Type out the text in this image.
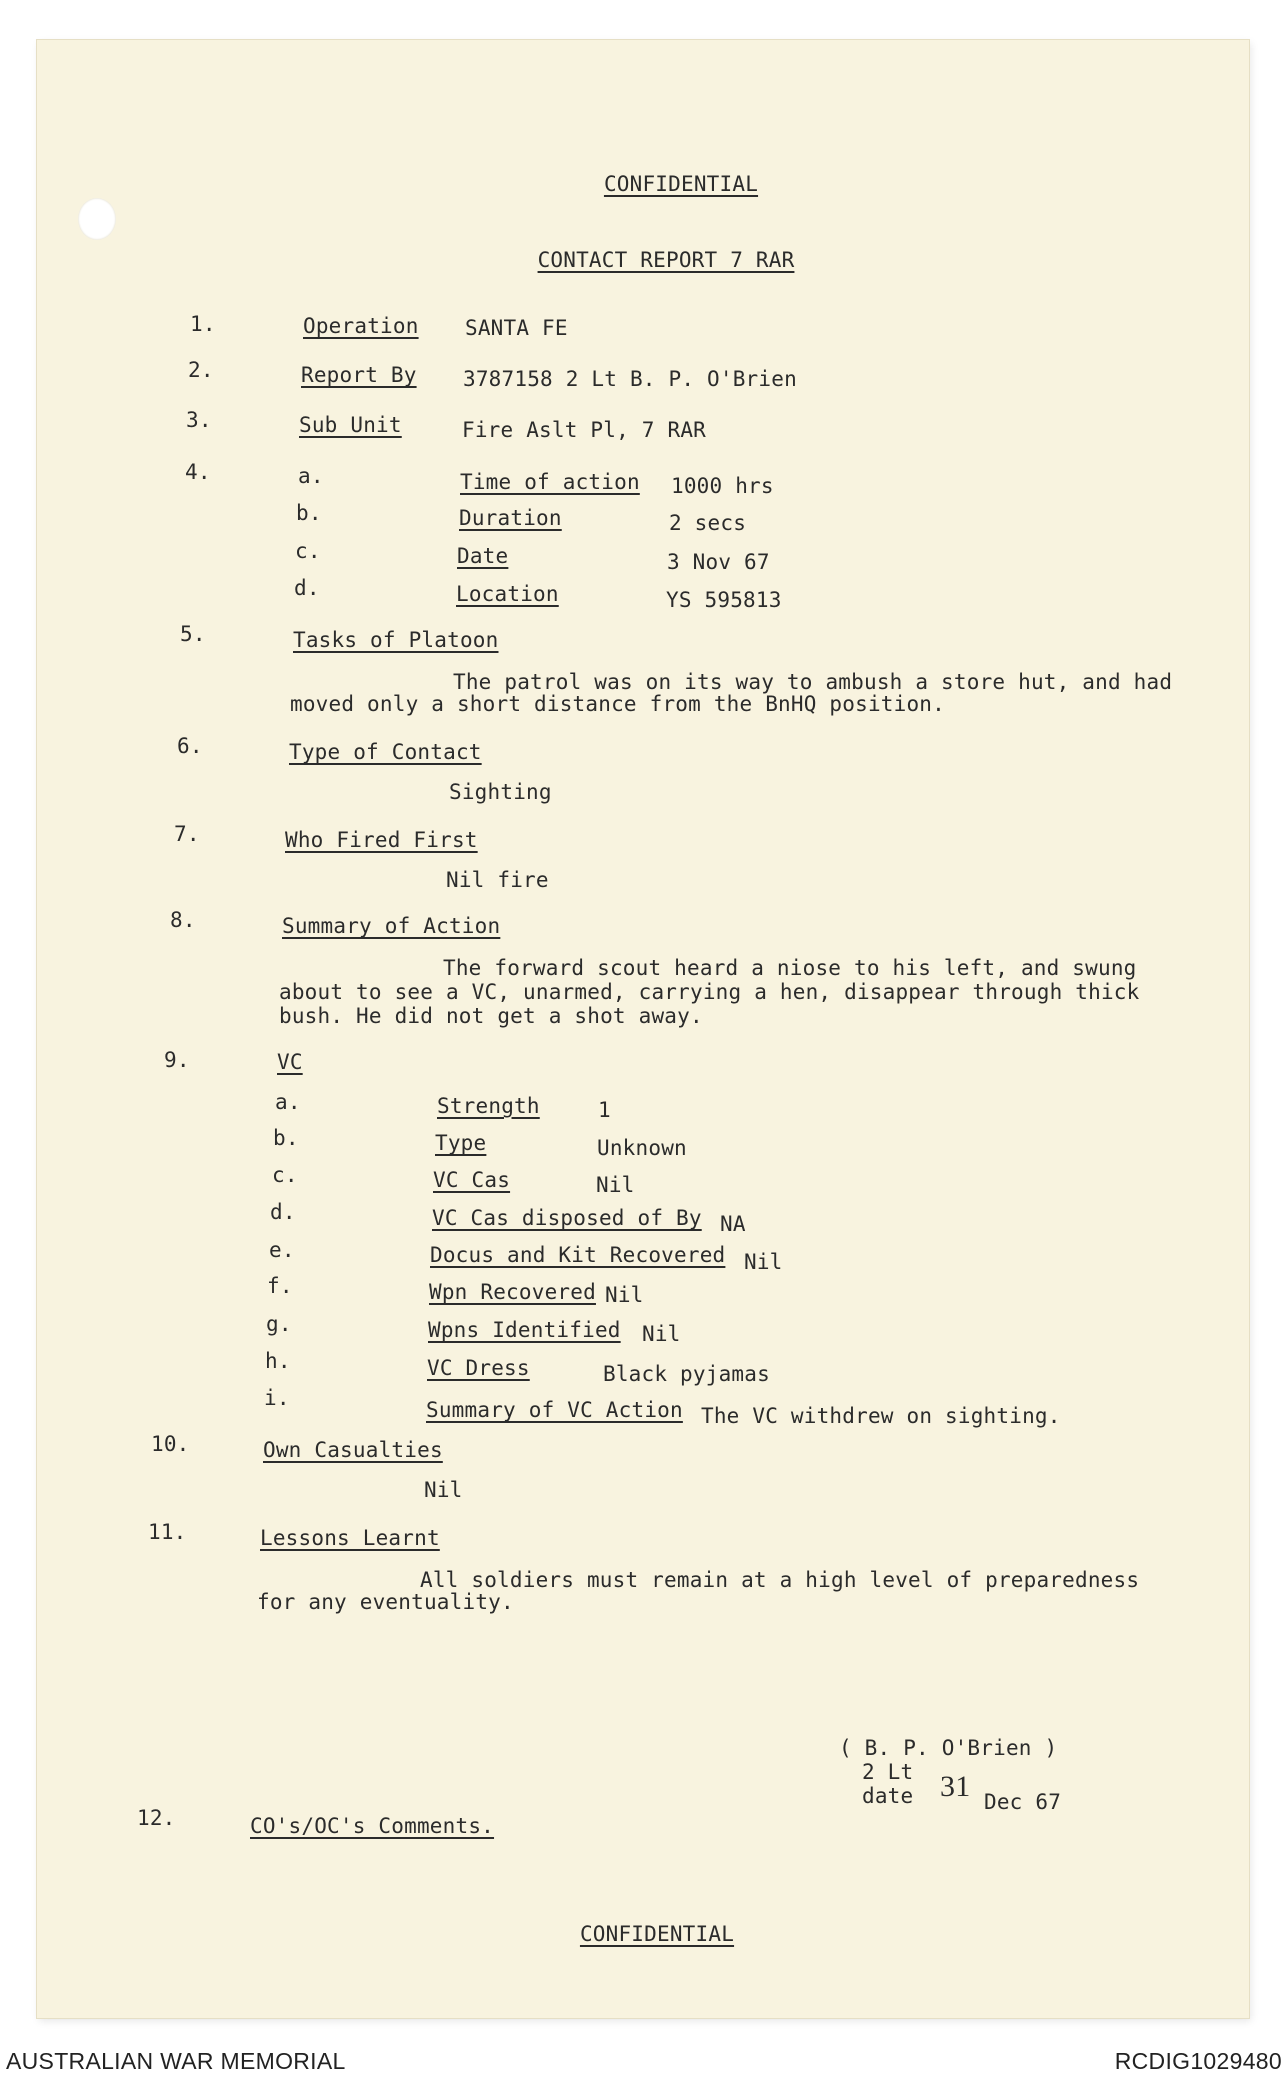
CONFIDENTIAL
CONTACT REPORT 7 RAR
1.	Operation SANTA FE
2.	Report By 3787158 2 Lt B. P. O'Brien
3.	Sub Unit	Fire Aslt Pl, 7 RAR
4.	a.	Time of action 1000 hrs
b.	Duration	2 secs
c.	Date	3 Nov 67
d.	Location	YS 595813
5.	Tasks of Platoon
The patrol was on its way to ambush a store hut, and had
moved only a short distance from the BnHQ position.
6.	Type of Contact
Sighting
7.	Who Fired First
Nil fire
8.	Summary of Action
The forward scout heard a niose to his left, and swung
about to see a VC, unarmed, carrying a hen, disappear through thick
bush. He did not get a shot away.
9.	VC
a.	Strength	1
b.	Type	Unknown
c.	VC Cas	Nil
d.	VC Cas disposed of By NA
e.	Docus and Kit Recovered Nil
f.	Wpn Recovered Nil
g.	Wpns Identified Nil
h.	VC Dress	Black pyjamas
i.	Summary of VC Action The VC withdrew on sighting.
10.	Own Casualties
Nil
11.	Lessons Learnt
All soldiers must remain at a high level of preparedness
for any eventuality.
( B. P. O'Brien )
2 Lt
date 31 Dec 67
12.	CO's/OC's Comments.
CONFIDENTIAL
AUSTRALIAN WAR MEMORIAL	RCDIG1029480
